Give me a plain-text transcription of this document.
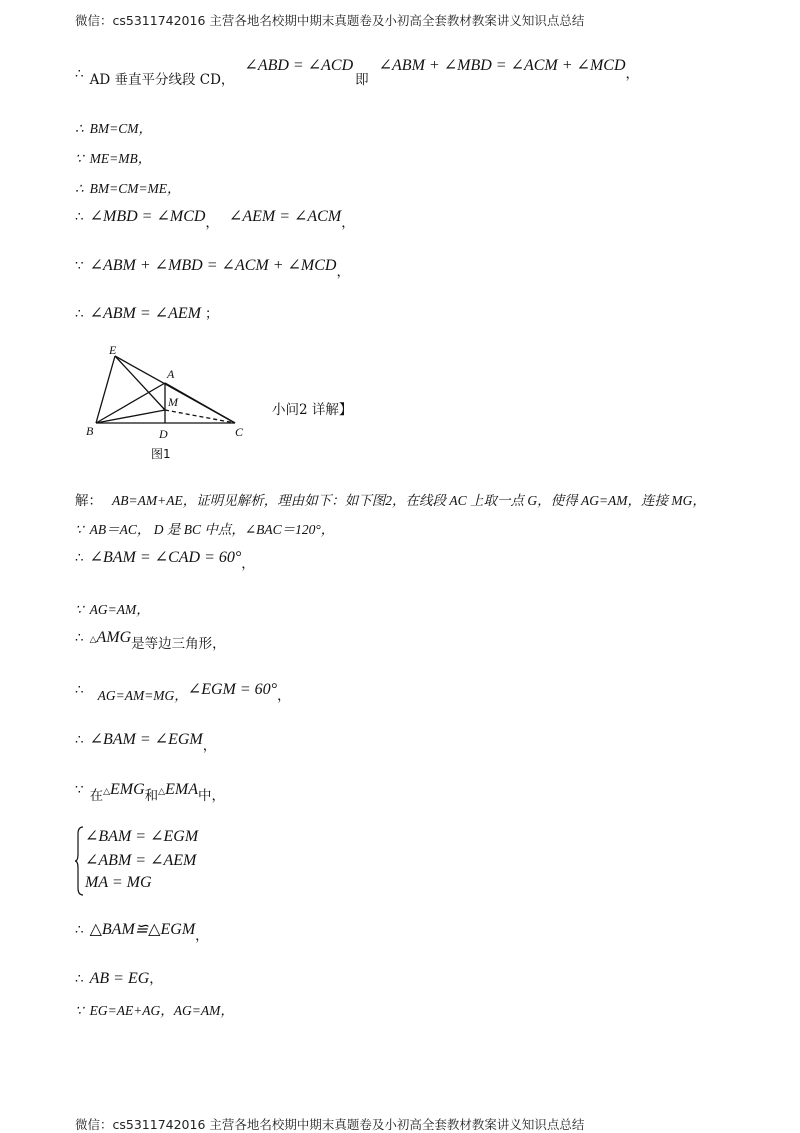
微信：cs5311742016 主营各地名校期中期末真题卷及小初高全套教材教案讲义知识点总结
∴ AD 垂直平分线段 CD，
∠ABD = ∠ACD
即
∠ABM + ∠MBD = ∠ACM + ∠MCD ，
∴ BM=CM，
∵ ME=MB，
∴ BM=CM=ME，
∴ ∠MBD = ∠MCD ， ∠AEM = ∠ACM ，
∵ ∠ABM + ∠MBD = ∠ACM + ∠MCD ，
∴ ∠ABM = ∠AEM ；
E
A
M
B	D	C
图1
小问2 详解】
解： AB=AM+AE，证明见解析，理由如下：如下图2，在线段 AC 上取一点 G，使得 AG=AM，连接 MG，
∵ AB＝AC， D 是 BC 中点，∠BAC＝120°，
∴ ∠BAM = ∠CAD = 60° ，
∵ AG=AM，
∴ △ AMG 是等边三角形，
∴ AG=AM=MG， ∠EGM = 60° ，
∴ ∠BAM = ∠EGM ，
∵ 在 △ EMG 和 △ EMA 中，
∠BAM = ∠EGM
∠ABM = ∠AEM
MA = MG
∴ △BAM≌△EGM ，
∴ AB = EG ，
∵ EG=AE+AG，AG=AM，
微信：cs5311742016 主营各地名校期中期末真题卷及小初高全套教材教案讲义知识点总结
